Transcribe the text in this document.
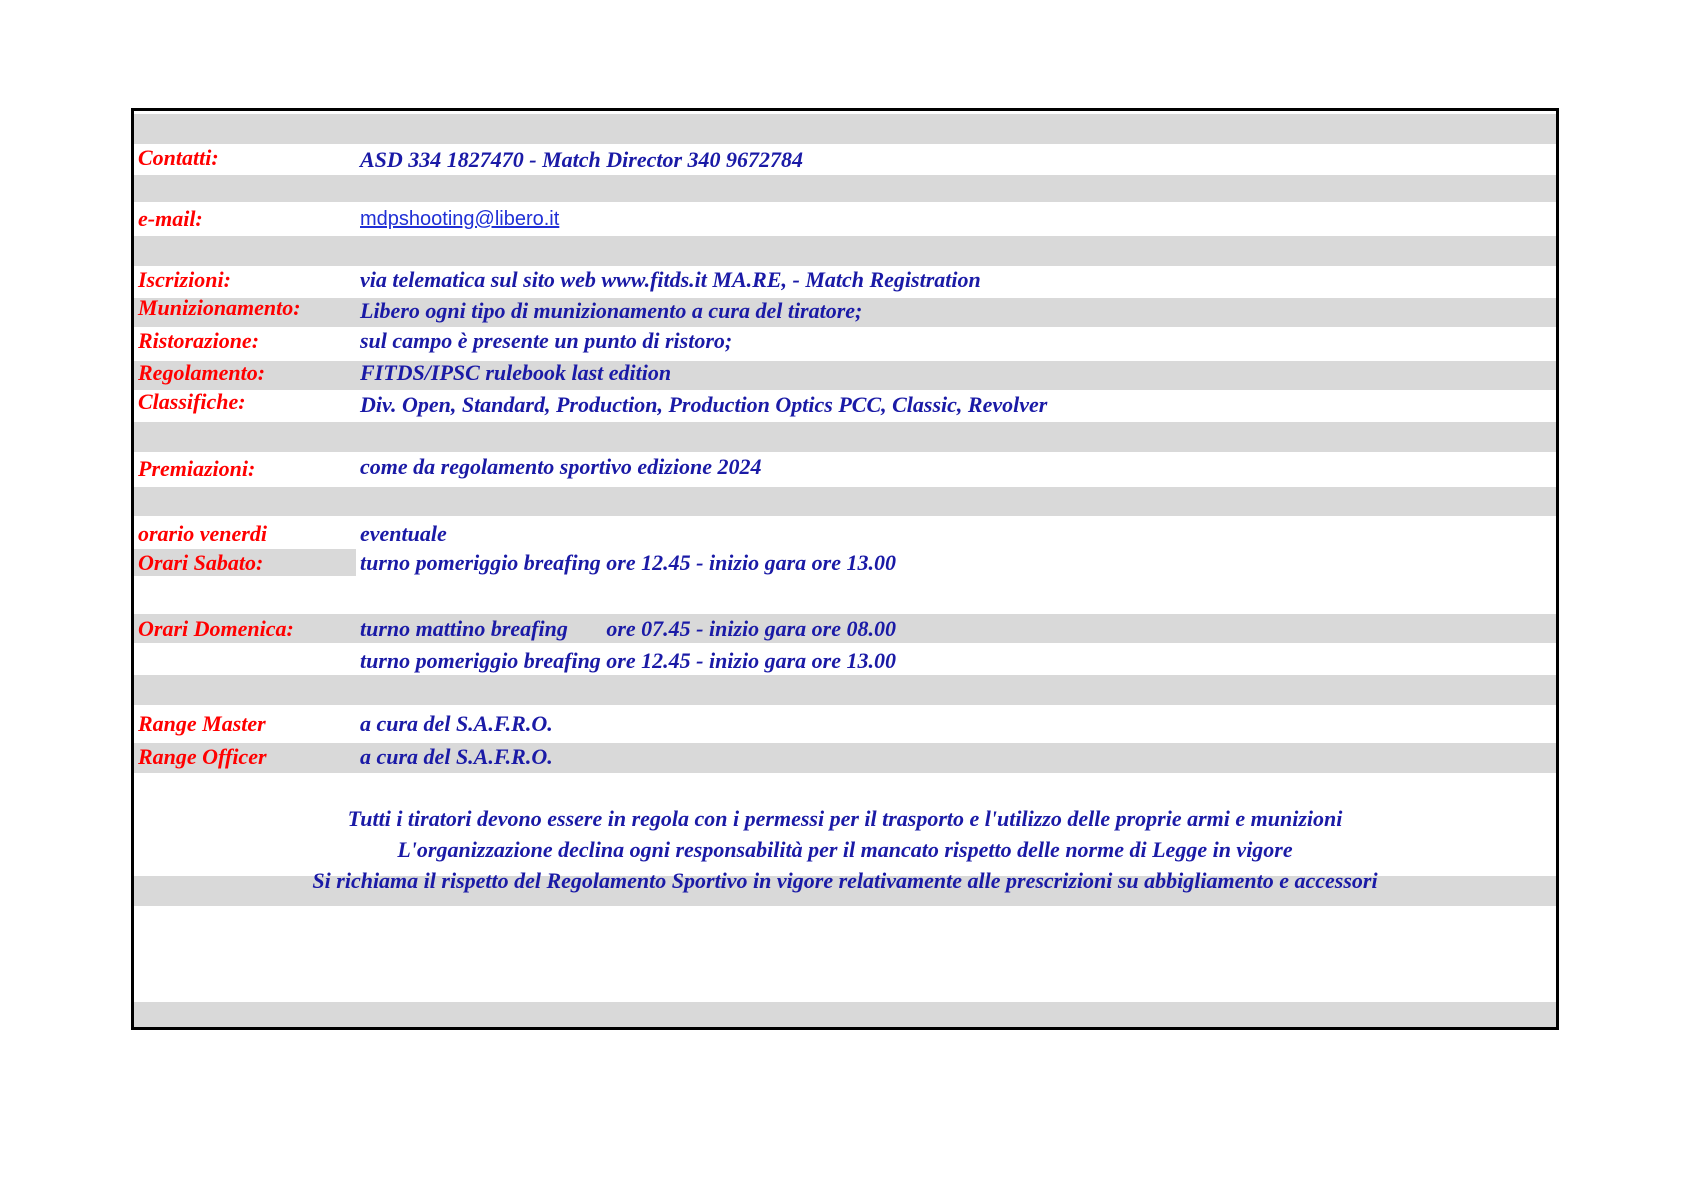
Contatti:	ASD 334 1827470 - Match Director 340 9672784
e-mail:	mdpshooting@libero.it
Iscrizioni:	via telematica sul sito web www.fitds.it MA.RE, - Match Registration
Munizionamento:	Libero ogni tipo di munizionamento a cura del tiratore;
Ristorazione:	sul campo è presente un punto di ristoro;
Regolamento:	FITDS/IPSC rulebook last edition
Classifiche:	Div. Open, Standard, Production, Production Optics PCC, Classic, Revolver
Premiazioni:	come da regolamento sportivo edizione 2024
orario venerdi	eventuale
Orari Sabato:	turno pomeriggio breafing ore 12.45 - inizio gara ore 13.00
Orari Domenica:	turno mattino breafing       ore 07.45 - inizio gara ore 08.00
turno pomeriggio breafing ore 12.45 - inizio gara ore 13.00
Range Master	a cura del S.A.F.R.O.
Range Officer	a cura del S.A.F.R.O.
Tutti i tiratori devono essere in regola con i permessi per il trasporto e l'utilizzo delle proprie armi e munizioni
L'organizzazione declina ogni responsabilità per il mancato rispetto delle norme di Legge in vigore
Si richiama il rispetto del Regolamento Sportivo in vigore relativamente alle prescrizioni su abbigliamento e accessori
